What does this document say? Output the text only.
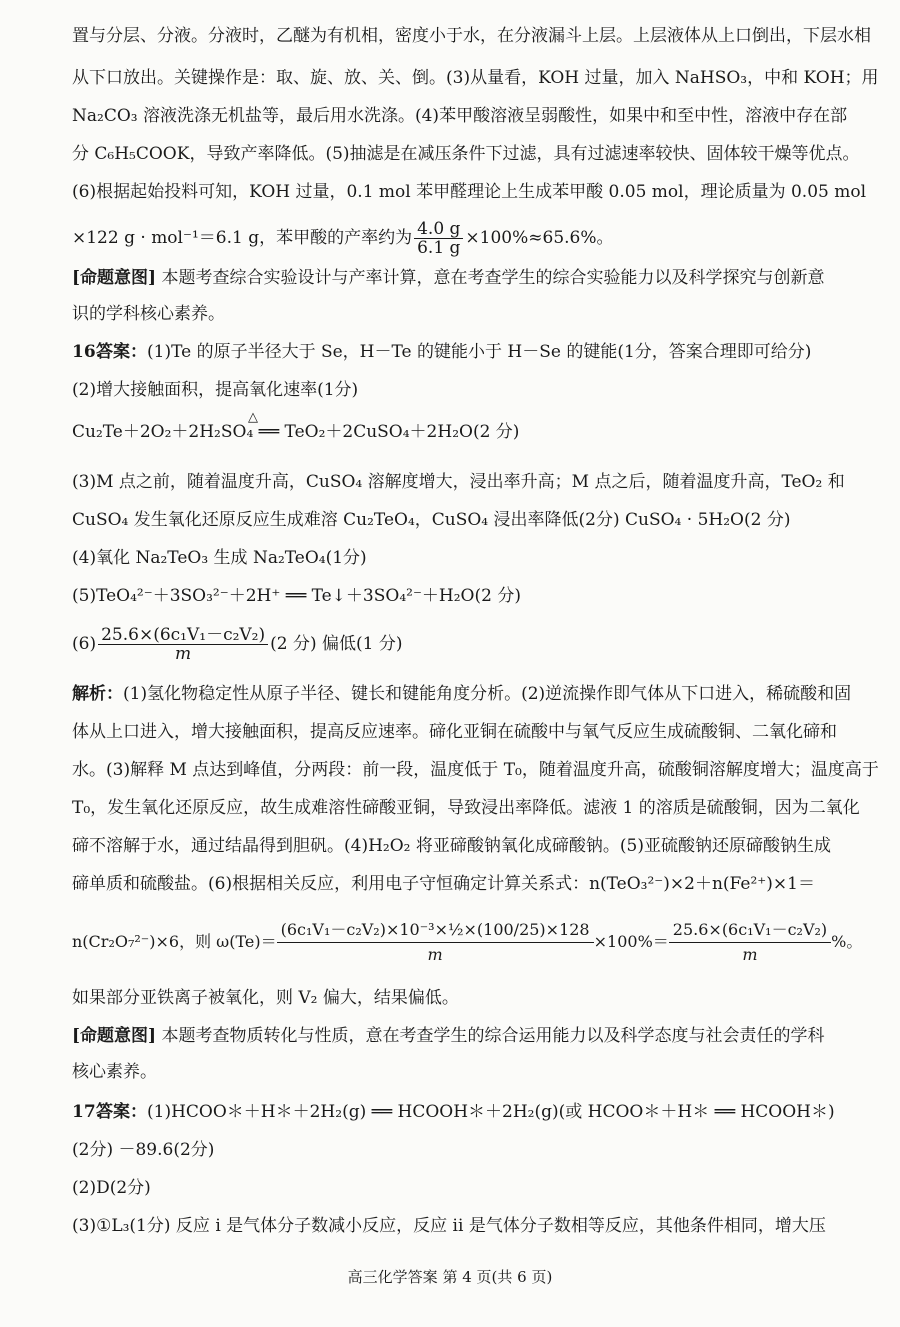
置与分层、分液。分液时，乙醚为有机相，密度小于水，在分液漏斗上层。上层液体从上口倒出，下层水相
从下口放出。关键操作是：取、旋、放、关、倒。(3)从量看，KOH 过量，加入 NaHSO₃，中和 KOH；用
Na₂CO₃ 溶液洗涤无机盐等，最后用水洗涤。(4)苯甲酸溶液呈弱酸性，如果中和至中性，溶液中存在部
分 C₆H₅COOK，导致产率降低。(5)抽滤是在减压条件下过滤，具有过滤速率较快、固体较干燥等优点。
(6)根据起始投料可知，KOH 过量，0.1 mol 苯甲醛理论上生成苯甲酸 0.05 mol，理论质量为 0.05 mol
×122 g · mol⁻¹＝6.1 g，苯甲酸的产率约为 $\frac{4.0 g}{6.1 g} \times 100\%\approx 65.6\%$。
[命题意图] 本题考查综合实验设计与产率计算，意在考查学生的综合实验能力以及科学探究与创新意
识的学科核心素养。
16.
答案：(1)Te 的原子半径大于 Se，H－Te 的键能小于 H－Se 的键能(1分，答案合理即可给分)
(2)增大接触面积，提高氧化速率(1分)
△
Cu₂Te＋2O₂＋2H₂SO₄ ══ TeO₂＋2CuSO₄＋2H₂O(2 分)
(3)M 点之前，随着温度升高，CuSO₄ 溶解度增大，浸出率升高；M 点之后，随着温度升高，TeO₂ 和
CuSO₄ 发生氧化还原反应生成难溶 Cu₂TeO₄，CuSO₄ 浸出率降低(2分) CuSO₄ · 5H₂O(2 分)
(4)氧化 Na₂TeO₃ 生成 Na₂TeO₄(1分)
(5)TeO₄²⁻＋3SO₃²⁻＋2H⁺ ══ Te↓＋3SO₄²⁻＋H₂O(2 分)
$(6) \frac{\text{25.6×(6c₁V₁－c₂V₂)}}{m} (2$ 分) 偏低(1 分)
解析：(1)氢化物稳定性从原子半径、键长和键能角度分析。(2)逆流操作即气体从下口进入，稀硫酸和固
体从上口进入，增大接触面积，提高反应速率。碲化亚铜在硫酸中与氧气反应生成硫酸铜、二氧化碲和
水。(3)解释 M 点达到峰值，分两段：前一段，温度低于 T₀，随着温度升高，硫酸铜溶解度增大；温度高于
T₀，发生氧化还原反应，故生成难溶性碲酸亚铜，导致浸出率降低。滤液 1 的溶质是硫酸铜，因为二氧化
碲不溶解于水，通过结晶得到胆矾。(4)H₂O₂ 将亚碲酸钠氧化成碲酸钠。(5)亚硫酸钠还原碲酸钠生成
碲单质和硫酸盐。(6)根据相关反应，利用电子守恒确定计算关系式：n(TeO₃²⁻)×2＋n(Fe²⁺)×1＝
n(Cr₂O₇²⁻)×6，则 $\omega(Te)= \frac{\text{(6c₁V₁－c₂V₂)×10⁻³×½×(100/25)×128}}{m} \times 100\%= \frac{\text{25.6×(6c₁V₁－c₂V₂)}}{m}$ %。
如果部分亚铁离子被氧化，则 V₂ 偏大，结果偏低。
[命题意图] 本题考查物质转化与性质，意在考查学生的综合运用能力以及科学态度与社会责任的学科
核心素养。
17.
答案：(1)HCOO＊＋H＊＋2H₂(g) ══ HCOOH＊＋2H₂(g)(或 HCOO＊＋H＊ ══ HCOOH＊)
(2分) －89.6(2分)
(2)D(2分)
(3)①L₃(1分) 反应 i 是气体分子数减小反应，反应 ii 是气体分子数相等反应，其他条件相同，增大压
高三化学答案 第 4 页(共 6 页)
